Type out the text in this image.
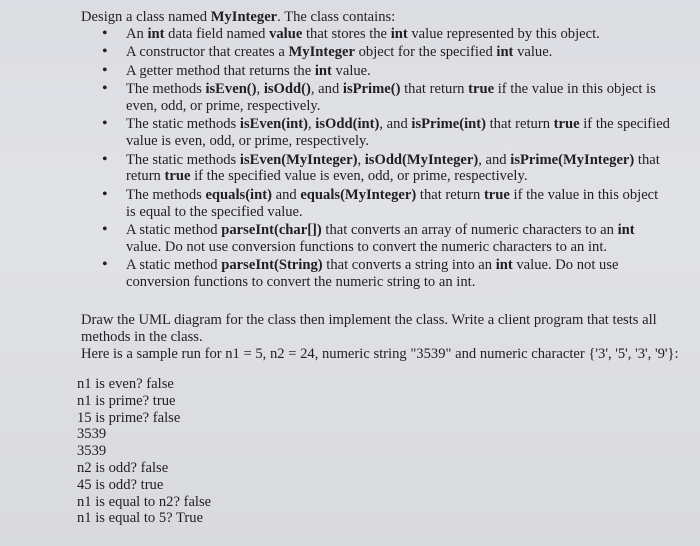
Design a class named MyInteger. The class contains:
• An int data field named value that stores the int value represented by this object.
• A constructor that creates a MyInteger object for the specified int value.
• A getter method that returns the int value.
• The methods isEven(), isOdd(), and isPrime() that return true if the value in this object is even, odd, or prime, respectively.
• The static methods isEven(int), isOdd(int), and isPrime(int) that return true if the specified value is even, odd, or prime, respectively.
• The static methods isEven(MyInteger), isOdd(MyInteger), and isPrime(MyInteger) that return true if the specified value is even, odd, or prime, respectively.
• The methods equals(int) and equals(MyInteger) that return true if the value in this object is equal to the specified value.
• A static method parseInt(char[]) that converts an array of numeric characters to an int value. Do not use conversion functions to convert the numeric characters to an int.
• A static method parseInt(String) that converts a string into an int value. Do not use conversion functions to convert the numeric string to an int.
Draw the UML diagram for the class then implement the class. Write a client program that tests all methods in the class.
Here is a sample run for n1 = 5, n2 = 24, numeric string "3539" and numeric character {'3', '5', '3', '9'}:
n1 is even? false
n1 is prime? true
15 is prime? false
3539
3539
n2 is odd? false
45 is odd? true
n1 is equal to n2? false
n1 is equal to 5? True
